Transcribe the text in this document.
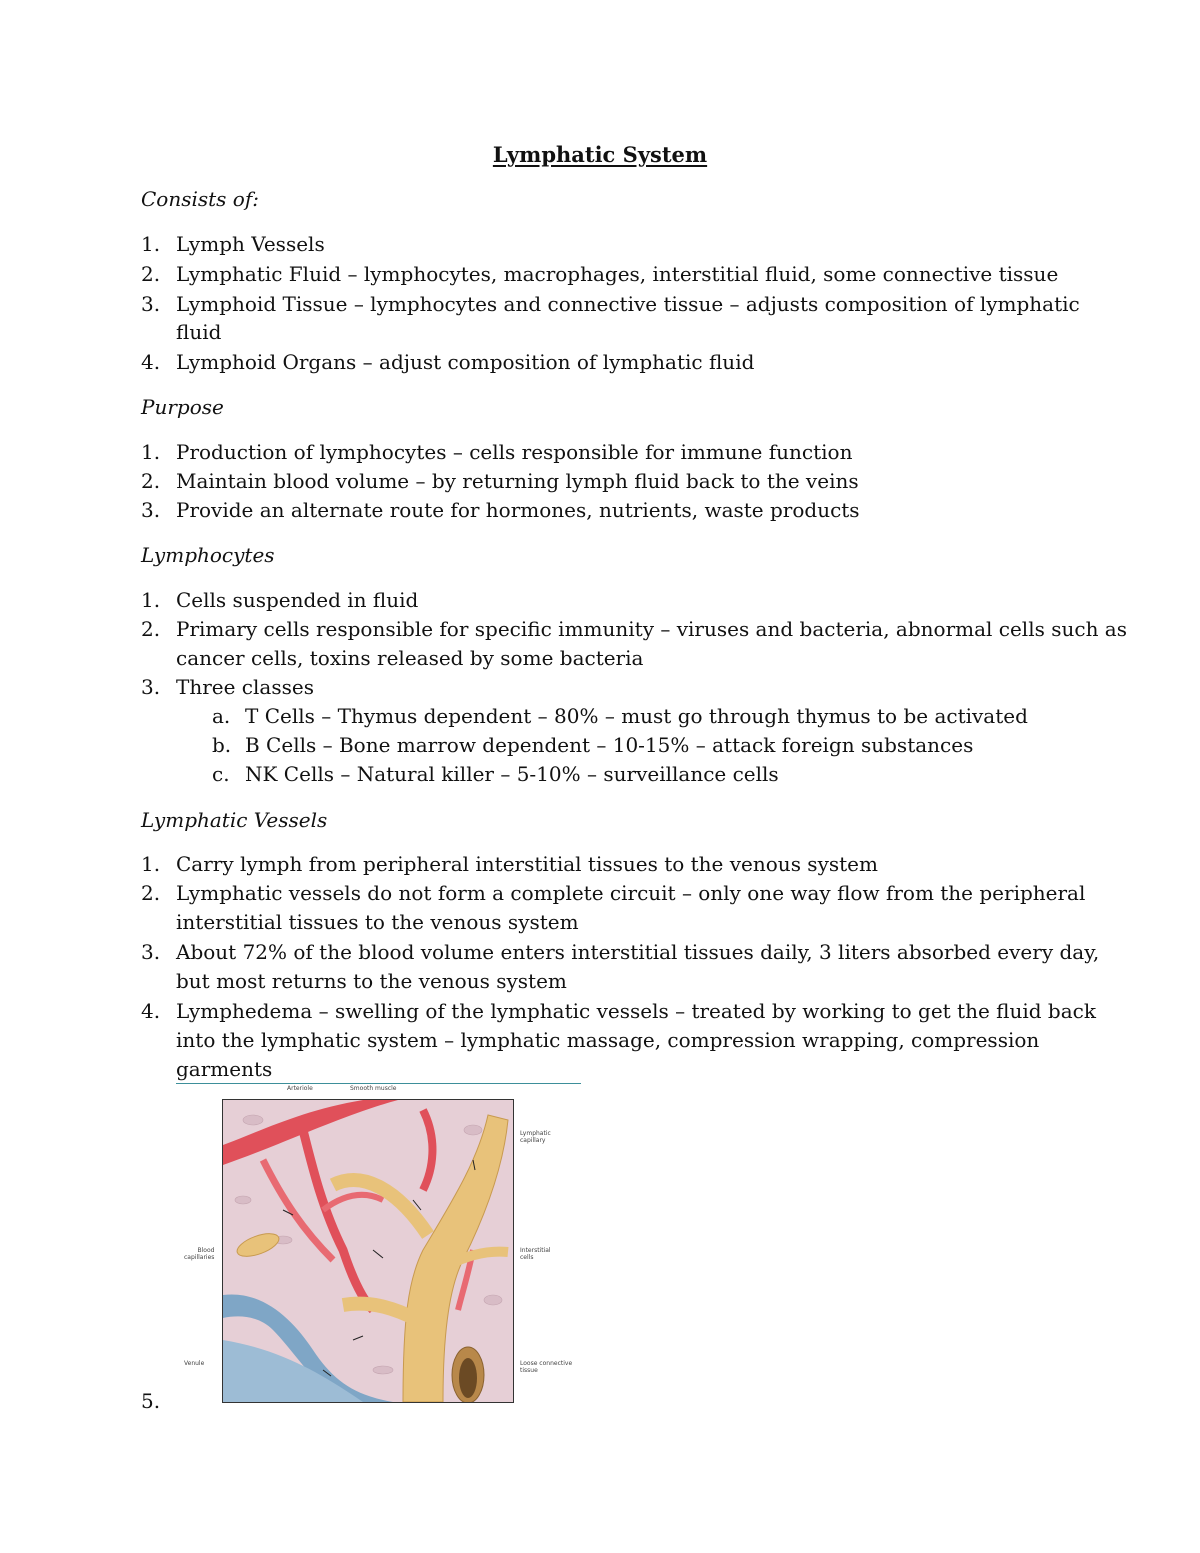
Lymphatic System
Consists of:
1. Lymph Vessels
2. Lymphatic Fluid – lymphocytes, macrophages, interstitial fluid, some connective tissue
3. Lymphoid Tissue – lymphocytes and connective tissue – adjusts composition of lymphatic
fluid
4. Lymphoid Organs – adjust composition of lymphatic fluid
Purpose
1. Production of lymphocytes – cells responsible for immune function
2. Maintain blood volume – by returning lymph fluid back to the veins
3. Provide an alternate route for hormones, nutrients, waste products
Lymphocytes
1. Cells suspended in fluid
2. Primary cells responsible for specific immunity – viruses and bacteria, abnormal cells such as
cancer cells, toxins released by some bacteria
3. Three classes
a. T Cells – Thymus dependent – 80% – must go through thymus to be activated
b. B Cells – Bone marrow dependent – 10-15% – attack foreign substances
c. NK Cells – Natural killer – 5-10% – surveillance cells
Lymphatic Vessels
1. Carry lymph from peripheral interstitial tissues to the venous system
2. Lymphatic vessels do not form a complete circuit – only one way flow from the peripheral
interstitial tissues to the venous system
3. About 72% of the blood volume enters interstitial tissues daily, 3 liters absorbed every day,
but most returns to the venous system
4. Lymphedema – swelling of the lymphatic vessels – treated by working to get the fluid back
into the lymphatic system – lymphatic massage, compression wrapping, compression
garments
Arteriole	Smooth muscle
Lymphatic
capillary
Blood
capillaries
Interstitial
cells
Venule	Loose connective
tissue
5.
